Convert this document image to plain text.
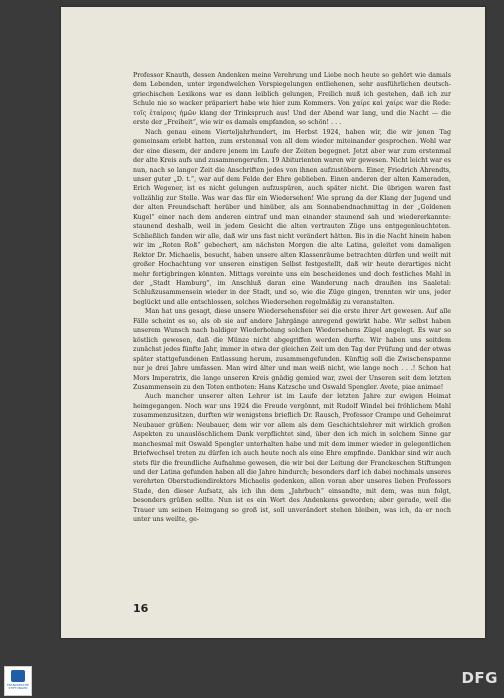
Professor Knauth, dessen Andenken meine Verehrung und Liebe noch heute so gehört wie damals dem Lebenden, unter irgendwelchen Vorspiegelungen entliehenen, sehr ausführlichen deutsch-griechischen Lexikons war es dann leiblich gelungen, Freilich muß ich gestehen, daß ich zur Schule nie so wacker präpariert habe wie hier zum Kommers. Von χαίρε καὶ χαίρε war die Rede: τοῖς ἑταίροις ἡμῶν klang der Trinkspruch aus! Und der Abend war lang, und die Nacht — die erste der „Freiheit“, wie wir es damals empfanden, so schön! . . .

Nach genau einem Vierteljahrhundert, im Herbst 1924, haben wir, die wir jenen Tag gemeinsam erlebt hatten, zum erstenmal von all dem wieder miteinander gesprochen. Wohl war der eine diesem, der andere jenem im Laufe der Zeiten begegnet. Jetzt aber war zum erstenmal der alte Kreis aufs und zusammengerufen. 19 Abiturienten waren wir gewesen. Nicht leicht war es nun, nach so langer Zeit die Anschriften jedes von ihnen aufzustöbern. Einer, Friedrich Ahrendts, unser guter „D. t.“, war auf dem Felde der Ehre geblieben. Einen anderen der alten Kameraden, Erich Wegener, ist es nicht gelungen aufzuspüren, auch später nicht. Die übrigen waren fast vollzählig zur Stelle. Was war das für ein Wiedersehen! Wie sprang da der Klang der Jugend und der alten Freundschaft herüber und hinüber, als am Sonnabendnachmittag in der „Goldenen Kugel“ einer nach dem anderen eintraf und man einander staunend sah und wiedererkannte: staunend deshalb, weil in jedem Gesicht die alten vertrauten Züge uns entgegenleuchteten. Schließlich fanden wir alle, daß wir uns fast nicht verändert hätten. Bis in die Nacht hinein haben wir im „Roten Roß“ gebechert, am nächsten Morgen die alte Latina, geleitet vom damaligen Rektor Dr. Michaelis, besucht, haben unsere alten Klassenräume betrachten dürfen und weilt mit großer Hochachtung vor unseren einstigen Selbst festgestellt, daß wir heute derartiges nicht mehr fertigbringen könnten. Mittags vereinte uns ein bescheidenes und doch festliches Mahl in der „Stadt Hamburg“, im Anschluß daran eine Wanderung nach draußen ins Saaletal: Schlußzusammensein wieder in der Stadt, und so, wie die Züge gingen, trennten wir uns, jeder beglückt und alle entschlossen, solches Wiedersehen regelmäßig zu veranstalten.

Man hat uns gesagt, diese unsere Wiedersehensfeier sei die erste ihrer Art gewesen. Auf alle Fälle scheint es so, als ob sie auf andere Jahrgänge anregend gewirkt habe. Wir selbst haben unserem Wunsch nach baldiger Wiederholung solchen Wiedersehens Zügel angelegt. Es war so köstlich gewesen, daß die Münze nicht abgegriffen werden durfte. Wir haben uns seitdem zunächst jedes fünfte Jahr, immer in etwa der gleichen Zeit um den Tag der Prüfung und der etwas später stattgefundenen Entlassung herum, zusammengefunden. Künftig soll die Zwischenspanne nur je drei Jahre umfassen. Man wird älter und man weiß nicht, wie lange noch . . .! Schon hat Mors Imperatrix, die lange unseren Kreis gnädig gemied war, zwei der Unseren seit dem letzten Zusammensein zu den Toten entboten: Hans Katzsche und Oswald Spengler. Avete, piae animae!

Auch mancher unserer alten Lehrer ist im Laufe der letzten Jahre zur ewigen Heimat heimgegangen. Noch war uns 1924 die Freude vergönnt, mit Rudolf Windel bei fröhlichem Mahl zusammenzusitzen, durften wir wenigstens brieflich Dr. Rausch, Professor Crampe und Geheimrat Neubauer grüßen: Neubauer, dem wir vor allem als dem Geschichtslehrer mit wirklich großen Aspekten zu unauslöschlichem Dank verpflichtet sind, über den ich mich in solchem Sinne gar manchesmal mit Oswald Spengler unterhalten habe und mit dem immer wieder in gelegentlichen Briefwechsel treten zu dürfen ich auch heute noch als eine Ehre empfinde. Dankbar sind wir auch stets für die freundliche Aufnahme gewesen, die wir bei der Leitung der Franckeschen Stiftungen und der Latina gefunden haben all die Jahre hindurch; besonders darf ich dabei nochmals unseres verehrten Oberstudiendirektors Michaelis gedenken, allen voran aber unseres lieben Professors Stade, den dieser Aufsatz, als ich ihn dem „Jahrbuch“ einsandte, mit dem, was nun folgt, besonders grüßen sollte. Nun ist es ein Wort des Andenkens geworden; aber gerade, weil die Trauer um seinen Heimgang so groß ist, soll unverändert stehen bleiben, was ich, da er noch unter uns weilte, ge-

16
FRANCKESCHE STIFTUNGEN
DFG
